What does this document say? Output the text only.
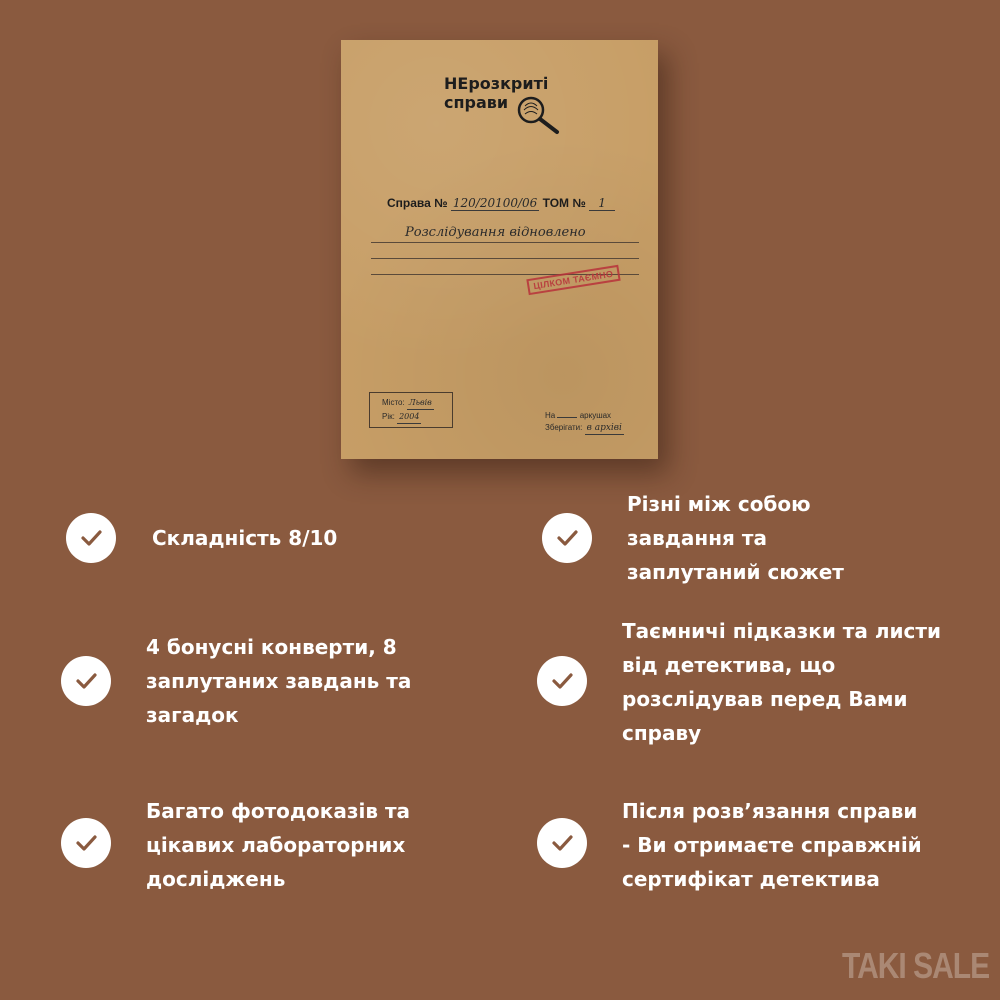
НЕрозкриті
справи
Справа № 120/20100/06 ТОМ № 1
Розслідування відновлено
ЦІЛКОМ ТАЄМНО
Місто: Львів
Рік: 2004	На	аркушах
Зберігати: в архіві
Складність 8/10
Різні між собою
завдання та
заплутаний сюжет
4 бонусні конверти, 8
заплутаних завдань та
загадок
Таємничі підказки та листи
від детектива, що
розслідував перед Вами
справу
Багато фотодоказів та
цікавих лабораторних
досліджень
Після розв’язання справи
- Ви отримаєте справжній
сертифікат детектива
TAKI SALE
